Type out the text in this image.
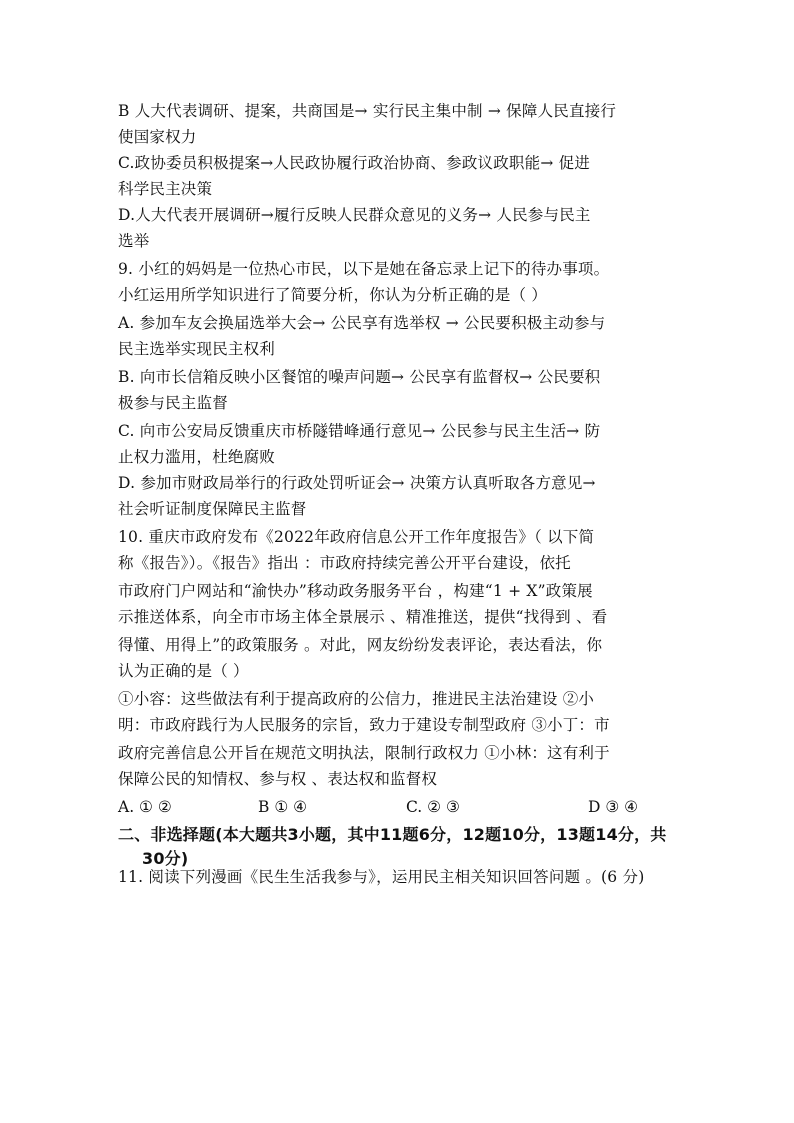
B 人大代表调研、提案，共商国是→ 实行民主集中制 → 保障人民直接行
使国家权力
C.政协委员积极提案→人民政协履行政治协商、参政议政职能→ 促进
科学民主决策
D.人大代表开展调研→履行反映人民群众意见的义务→ 人民参与民主
选举
9. 小红的妈妈是一位热心市民，以下是她在备忘录上记下的待办事项。
小红运用所学知识进行了简要分析，你认为分析正确的是（ ）
A. 参加车友会换届选举大会→ 公民享有选举权 → 公民要积极主动参与
民主选举实现民主权利
B. 向市长信箱反映小区餐馆的噪声问题→ 公民享有监督权→ 公民要积
极参与民主监督
C. 向市公安局反馈重庆市桥隧错峰通行意见→ 公民参与民主生活→ 防
止权力滥用，杜绝腐败
D. 参加市财政局举行的行政处罚听证会→ 决策方认真听取各方意见→
社会听证制度保障民主监督
10. 重庆市政府发布《2022年政府信息公开工作年度报告》（ 以下简
称《报告》）。《报告》指出 ：市政府持续完善公开平台建设，依托
市政府门户网站和“渝快办”移动政务服务平台 ，构建“1 + X”政策展
示推送体系，向全市市场主体全景展示 、精准推送，提供“找得到 、看
得懂、用得上”的政策服务 。对此，网友纷纷发表评论，表达看法，你
认为正确的是（ ）
①小容：这些做法有利于提高政府的公信力，推进民主法治建设 ②小
明：市政府践行为人民服务的宗旨，致力于建设专制型政府 ③小丁：市
政府完善信息公开旨在规范文明执法，限制行政权力 ①小林：这有利于
保障公民的知情权、参与权 、表达权和监督权
A. ① ②	B ① ④	C. ② ③	D ③ ④
二、非选择题(本大题共3小题，其中11题6分，12题10分，13题14分，共
30分)
11. 阅读下列漫画《民生生活我参与》，运用民主相关知识回答问题 。(6 分)
